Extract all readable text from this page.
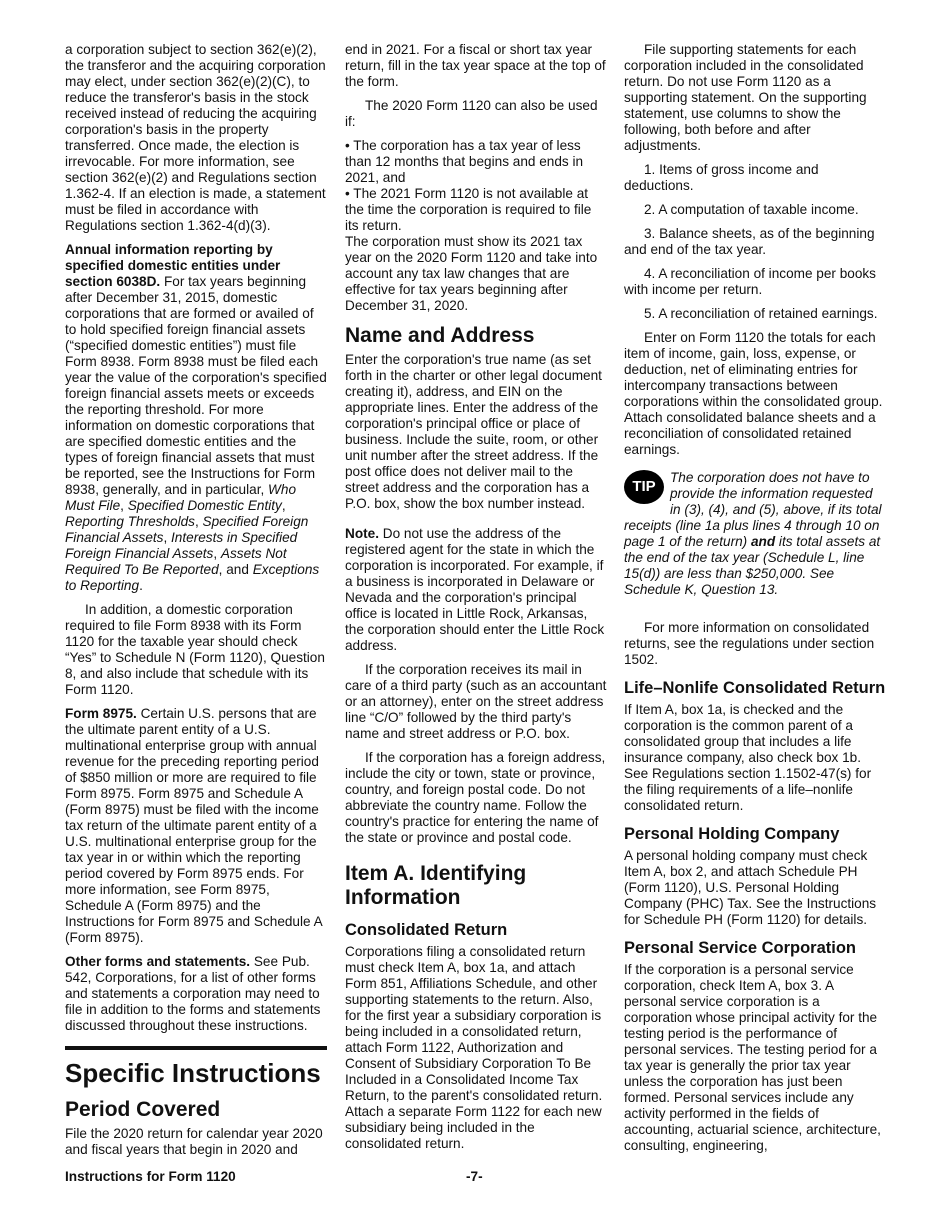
a corporation subject to section 362(e)(2), the transferor and the acquiring corporation may elect, under section 362(e)(2)(C), to reduce the transferor's basis in the stock received instead of reducing the acquiring corporation's basis in the property transferred. Once made, the election is irrevocable. For more information, see section 362(e)(2) and Regulations section 1.362-4. If an election is made, a statement must be filed in accordance with Regulations section 1.362-4(d)(3).

Annual information reporting by specified domestic entities under section 6038D. For tax years beginning after December 31, 2015, domestic corporations that are formed or availed of to hold specified foreign financial assets (“specified domestic entities”) must file Form 8938. Form 8938 must be filed each year the value of the corporation's specified foreign financial assets meets or exceeds the reporting threshold. For more information on domestic corporations that are specified domestic entities and the types of foreign financial assets that must be reported, see the Instructions for Form 8938, generally, and in particular, Who Must File, Specified Domestic Entity, Reporting Thresholds, Specified Foreign Financial Assets, Interests in Specified Foreign Financial Assets, Assets Not Required To Be Reported, and Exceptions to Reporting.

In addition, a domestic corporation required to file Form 8938 with its Form 1120 for the taxable year should check “Yes” to Schedule N (Form 1120), Question 8, and also include that schedule with its Form 1120.

Form 8975. Certain U.S. persons that are the ultimate parent entity of a U.S. multinational enterprise group with annual revenue for the preceding reporting period of $850 million or more are required to file Form 8975. Form 8975 and Schedule A (Form 8975) must be filed with the income tax return of the ultimate parent entity of a U.S. multinational enterprise group for the tax year in or within which the reporting period covered by Form 8975 ends. For more information, see Form 8975, Schedule A (Form 8975) and the Instructions for Form 8975 and Schedule A (Form 8975).

Other forms and statements. See Pub. 542, Corporations, for a list of other forms and statements a corporation may need to file in addition to the forms and statements discussed throughout these instructions.

Specific Instructions
Period Covered

File the 2020 return for calendar year 2020 and fiscal years that begin in 2020 and

end in 2021. For a fiscal or short tax year return, fill in the tax year space at the top of the form.

The 2020 Form 1120 can also be used if:

• The corporation has a tax year of less than 12 months that begins and ends in 2021, and

• The 2021 Form 1120 is not available at the time the corporation is required to file its return.

The corporation must show its 2021 tax year on the 2020 Form 1120 and take into account any tax law changes that are effective for tax years beginning after December 31, 2020.

Name and Address

Enter the corporation's true name (as set forth in the charter or other legal document creating it), address, and EIN on the appropriate lines. Enter the address of the corporation's principal office or place of business. Include the suite, room, or other unit number after the street address. If the post office does not deliver mail to the street address and the corporation has a P.O. box, show the box number instead.

Note. Do not use the address of the registered agent for the state in which the corporation is incorporated. For example, if a business is incorporated in Delaware or Nevada and the corporation's principal office is located in Little Rock, Arkansas, the corporation should enter the Little Rock address.

If the corporation receives its mail in care of a third party (such as an accountant or an attorney), enter on the street address line “C/O” followed by the third party's name and street address or P.O. box.

If the corporation has a foreign address, include the city or town, state or province, country, and foreign postal code. Do not abbreviate the country name. Follow the country's practice for entering the name of the state or province and postal code.

Item A. Identifying Information
Consolidated Return

Corporations filing a consolidated return must check Item A, box 1a, and attach Form 851, Affiliations Schedule, and other supporting statements to the return. Also, for the first year a subsidiary corporation is being included in a consolidated return, attach Form 1122, Authorization and Consent of Subsidiary Corporation To Be Included in a Consolidated Income Tax Return, to the parent's consolidated return. Attach a separate Form 1122 for each new subsidiary being included in the consolidated return.

File supporting statements for each corporation included in the consolidated return. Do not use Form 1120 as a supporting statement. On the supporting statement, use columns to show the following, both before and after adjustments.

1. Items of gross income and deductions.

2. A computation of taxable income.

3. Balance sheets, as of the beginning and end of the tax year.

4. A reconciliation of income per books with income per return.

5. A reconciliation of retained earnings.

Enter on Form 1120 the totals for each item of income, gain, loss, expense, or deduction, net of eliminating entries for intercompany transactions between corporations within the consolidated group. Attach consolidated balance sheets and a reconciliation of consolidated retained earnings.

TIP
The corporation does not have to provide the information requested in (3), (4), and (5), above, if its total receipts (line 1a plus lines 4 through 10 on page 1 of the return) and its total assets at the end of the tax year (Schedule L, line 15(d)) are less than $250,000. See Schedule K, Question 13.

For more information on consolidated returns, see the regulations under section 1502.

Life–Nonlife Consolidated Return

If Item A, box 1a, is checked and the corporation is the common parent of a consolidated group that includes a life insurance company, also check box 1b. See Regulations section 1.1502-47(s) for the filing requirements of a life–nonlife consolidated return.

Personal Holding Company

A personal holding company must check Item A, box 2, and attach Schedule PH (Form 1120), U.S. Personal Holding Company (PHC) Tax. See the Instructions for Schedule PH (Form 1120) for details.

Personal Service Corporation

If the corporation is a personal service corporation, check Item A, box 3. A personal service corporation is a corporation whose principal activity for the testing period is the performance of personal services. The testing period for a tax year is generally the prior tax year unless the corporation has just been formed. Personal services include any activity performed in the fields of accounting, actuarial science, architecture, consulting, engineering,

Instructions for Form 1120	-7-
